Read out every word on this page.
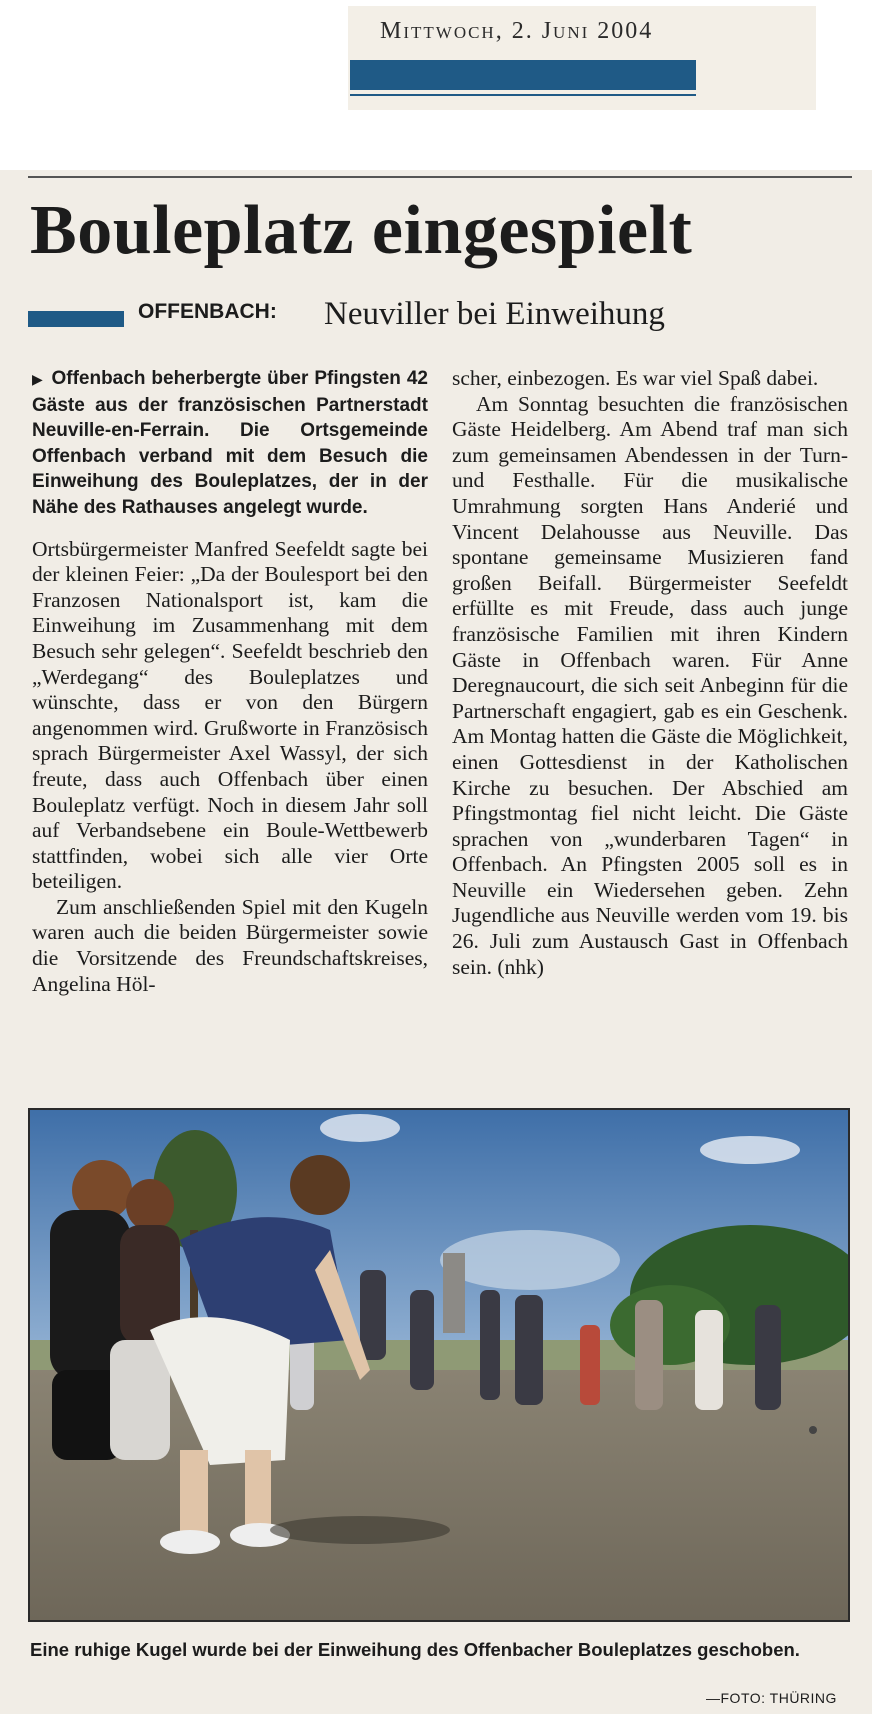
Mittwoch, 2. Juni 2004
Bouleplatz eingespielt
OFFENBACH: Neuviller bei Einweihung

▶ Offenbach beherbergte über Pfingsten 42 Gäste aus der französischen Partnerstadt Neuville-en-Ferrain. Die Ortsgemeinde Offenbach verband mit dem Besuch die Einweihung des Bouleplatzes, der in der Nähe des Rathauses angelegt wurde.

Ortsbürgermeister Manfred Seefeldt sagte bei der kleinen Feier: „Da der Boulesport bei den Franzosen Nationalsport ist, kam die Einweihung im Zusammenhang mit dem Besuch sehr gelegen“. Seefeldt beschrieb den „Werdegang“ des Bouleplatzes und wünschte, dass er von den Bürgern angenommen wird. Grußworte in Französisch sprach Bürgermeister Axel Wassyl, der sich freute, dass auch Offenbach über einen Bouleplatz verfügt. Noch in diesem Jahr soll auf Verbandsebene ein Boule-Wettbewerb stattfinden, wobei sich alle vier Orte beteiligen.

Zum anschließenden Spiel mit den Kugeln waren auch die beiden Bürgermeister sowie die Vorsitzende des Freundschaftskreises, Angelina Höl-

scher, einbezogen. Es war viel Spaß dabei.

Am Sonntag besuchten die französischen Gäste Heidelberg. Am Abend traf man sich zum gemeinsamen Abendessen in der Turn- und Festhalle. Für die musikalische Umrahmung sorgten Hans Anderié und Vincent Delahousse aus Neuville. Das spontane gemeinsame Musizieren fand großen Beifall. Bürgermeister Seefeldt erfüllte es mit Freude, dass auch junge französische Familien mit ihren Kindern Gäste in Offenbach waren. Für Anne Deregnaucourt, die sich seit Anbeginn für die Partnerschaft engagiert, gab es ein Geschenk. Am Montag hatten die Gäste die Möglichkeit, einen Gottesdienst in der Katholischen Kirche zu besuchen. Der Abschied am Pfingstmontag fiel nicht leicht. Die Gäste sprachen von „wunderbaren Tagen“ in Offenbach. An Pfingsten 2005 soll es in Neuville ein Wiedersehen geben. Zehn Jugendliche aus Neuville werden vom 19. bis 26. Juli zum Austausch Gast in Offenbach sein. (nhk)

Eine ruhige Kugel wurde bei der Einweihung des Offenbacher Bouleplatzes geschoben.
—FOTO: THÜRING
